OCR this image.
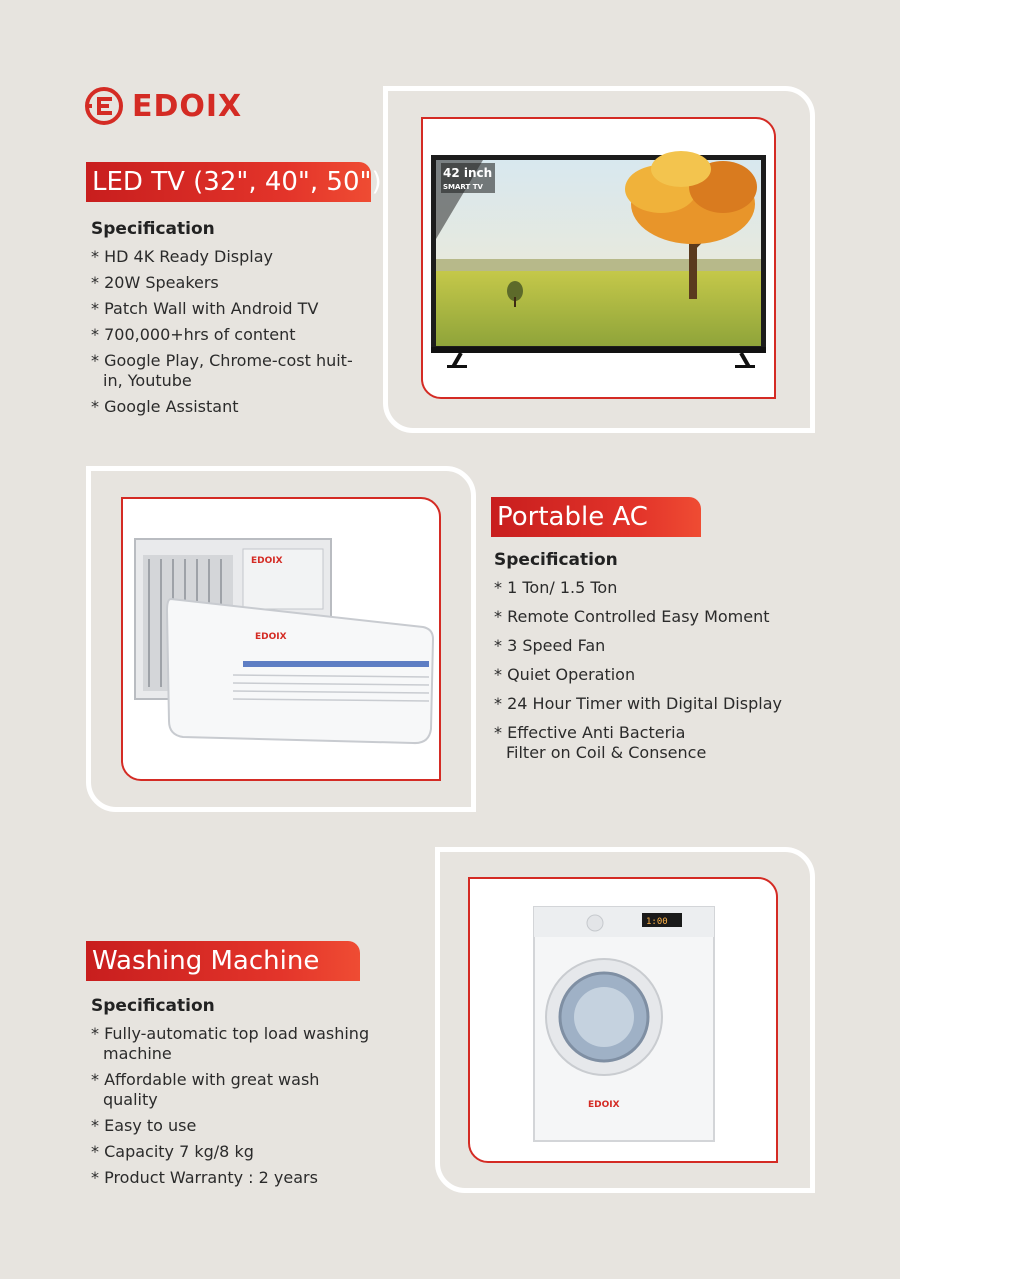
EDOIX
42 inch
SMART TV
LED TV (32", 40", 50")
Specification
* HD 4K Ready Display
* 20W Speakers
* Patch Wall with Android TV
* 700,000+hrs of content
* Google Play, Chrome-cost huit-in, Youtube
* Google Assistant
EDOIX
EDOIX
Portable AC
Specification
* 1 Ton/ 1.5 Ton
* Remote Controlled Easy Moment
* 3 Speed Fan
* Quiet Operation
* 24 Hour Timer with Digital Display
* Effective Anti Bacteria Filter on Coil & Consence
1:00
EDOIX
Washing Machine
Specification
* Fully-automatic top load washing machine
* Affordable with great wash quality
* Easy to use
* Capacity 7 kg/8 kg
* Product Warranty : 2 years
